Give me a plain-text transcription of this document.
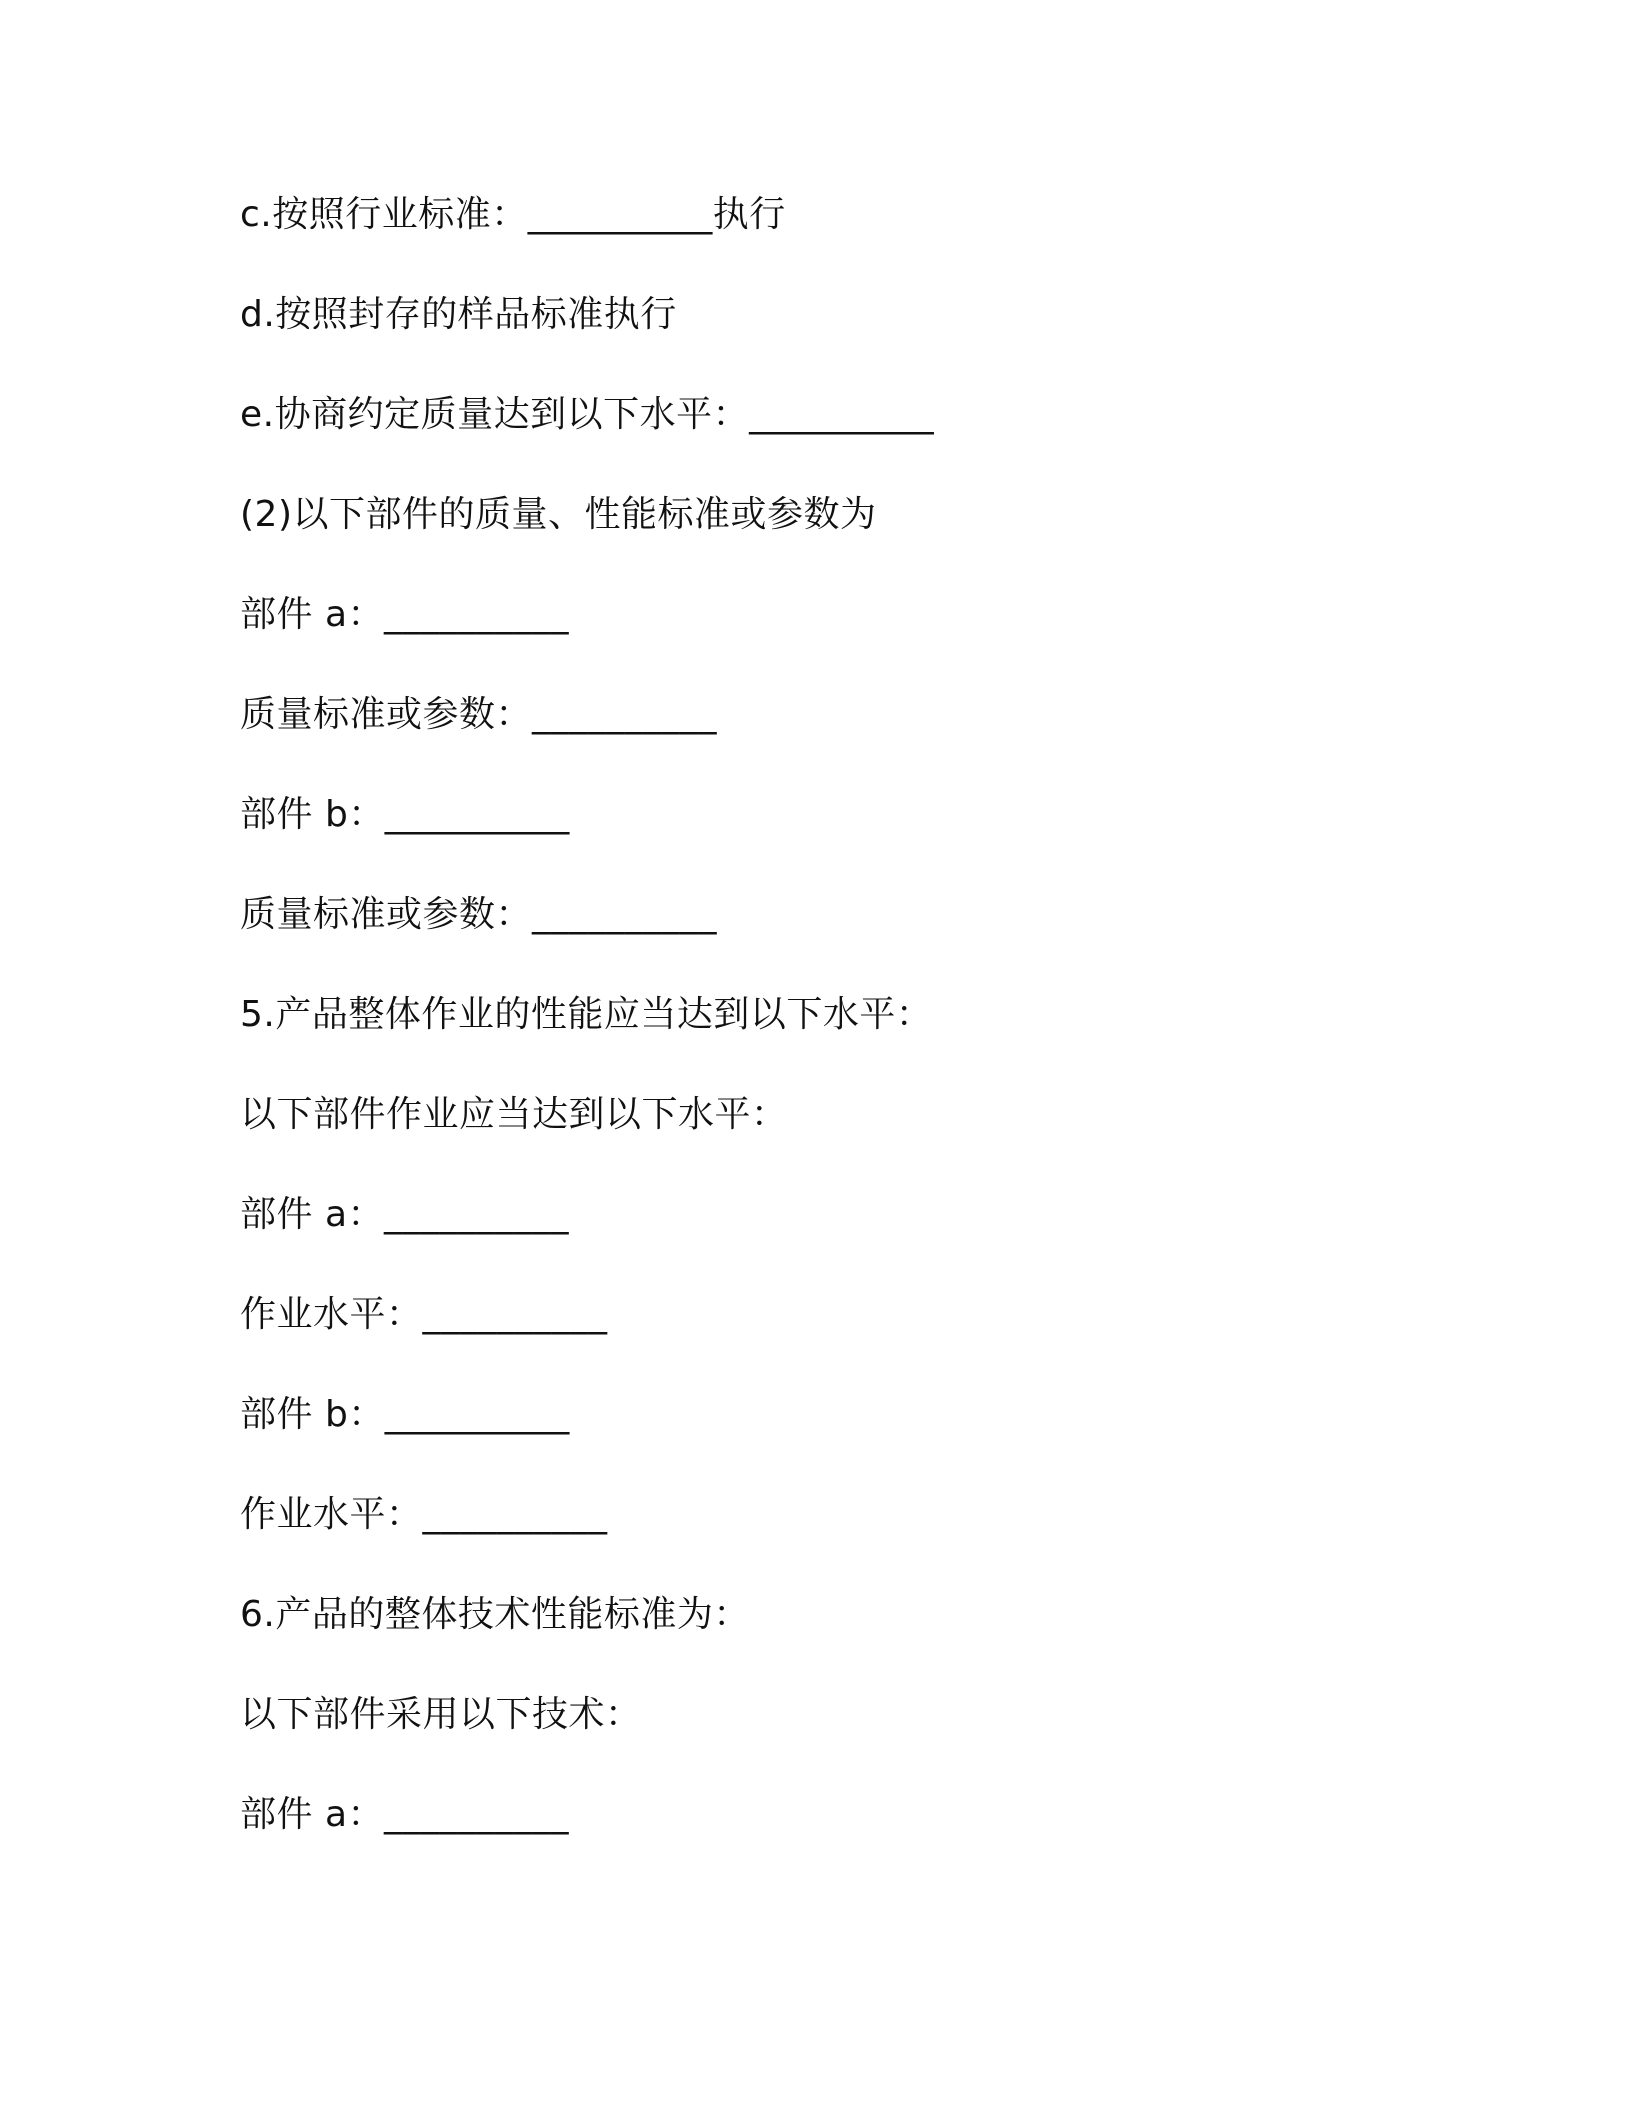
c.按照行业标准：__________执行
d.按照封存的样品标准执行
e.协商约定质量达到以下水平：__________
(2)以下部件的质量、性能标准或参数为
部件 a：__________
质量标准或参数：__________
部件 b：__________
质量标准或参数：__________
5.产品整体作业的性能应当达到以下水平：
以下部件作业应当达到以下水平：
部件 a：__________
作业水平：__________
部件 b：__________
作业水平：__________
6.产品的整体技术性能标准为：
以下部件采用以下技术：
部件 a：__________
